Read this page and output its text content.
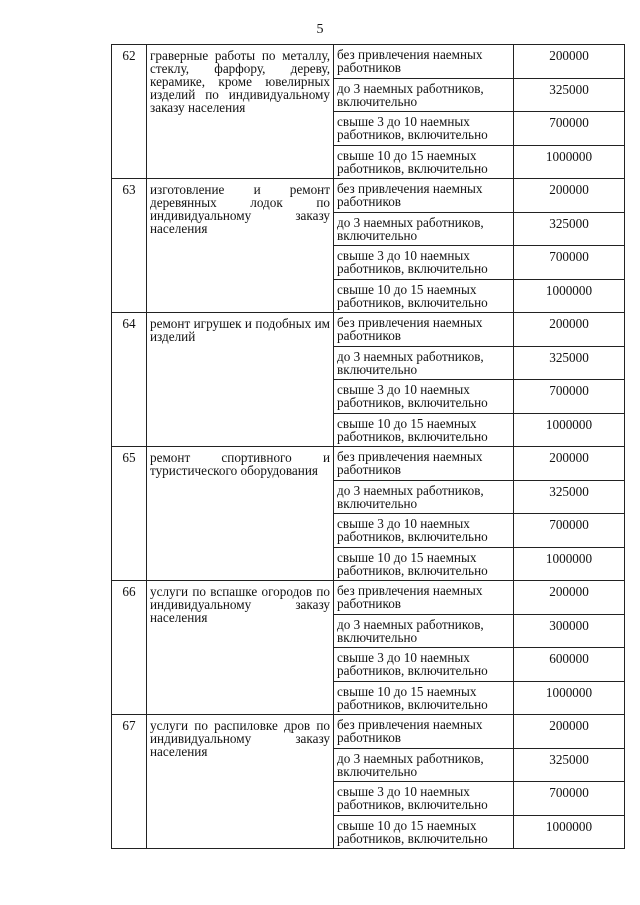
5
62	граверные работы по металлу, стеклу, фарфору, дереву, керамике, кроме ювелирных изделий по индивидуальному заказу населения	без привлечения наемных работников	200000
		до 3 наемных работников, включительно	325000
		свыше 3 до 10 наемных работников, включительно	700000
		свыше 10 до 15 наемных работников, включительно	1000000
63	изготовление и ремонт деревянных лодок по индивидуальному заказу населения	без привлечения наемных работников	200000
		до 3 наемных работников, включительно	325000
		свыше 3 до 10 наемных работников, включительно	700000
		свыше 10 до 15 наемных работников, включительно	1000000
64	ремонт игрушек и подобных им изделий	без привлечения наемных работников	200000
		до 3 наемных работников, включительно	325000
		свыше 3 до 10 наемных работников, включительно	700000
		свыше 10 до 15 наемных работников, включительно	1000000
65	ремонт спортивного и туристического оборудования	без привлечения наемных работников	200000
		до 3 наемных работников, включительно	325000
		свыше 3 до 10 наемных работников, включительно	700000
		свыше 10 до 15 наемных работников, включительно	1000000
66	услуги по вспашке огородов по индивидуальному заказу населения	без привлечения наемных работников	200000
		до 3 наемных работников, включительно	300000
		свыше 3 до 10 наемных работников, включительно	600000
		свыше 10 до 15 наемных работников, включительно	1000000
67	услуги по распиловке дров по индивидуальному заказу населения	без привлечения наемных работников	200000
		до 3 наемных работников, включительно	325000
		свыше 3 до 10 наемных работников, включительно	700000
		свыше 10 до 15 наемных работников, включительно	1000000
